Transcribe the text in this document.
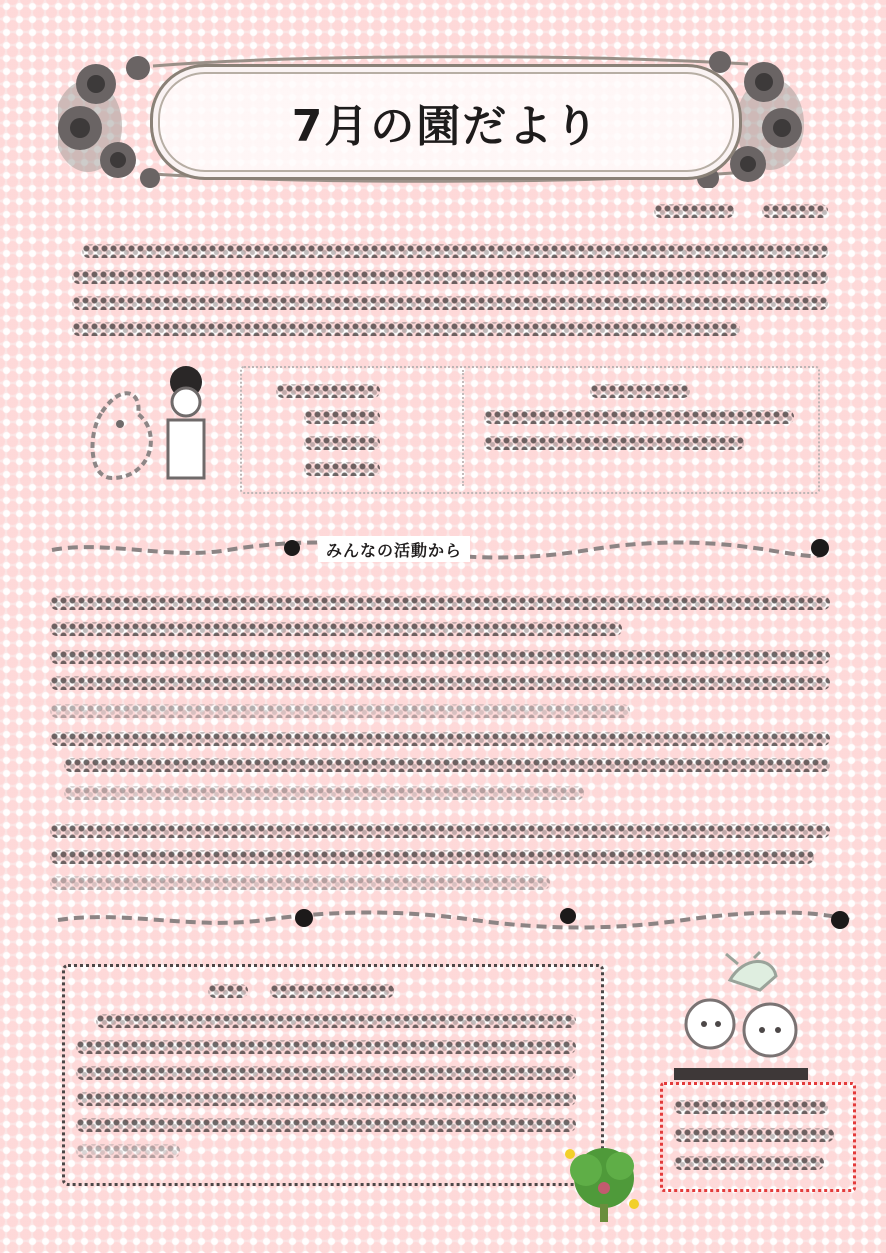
7月の園だより
みんなの活動から
